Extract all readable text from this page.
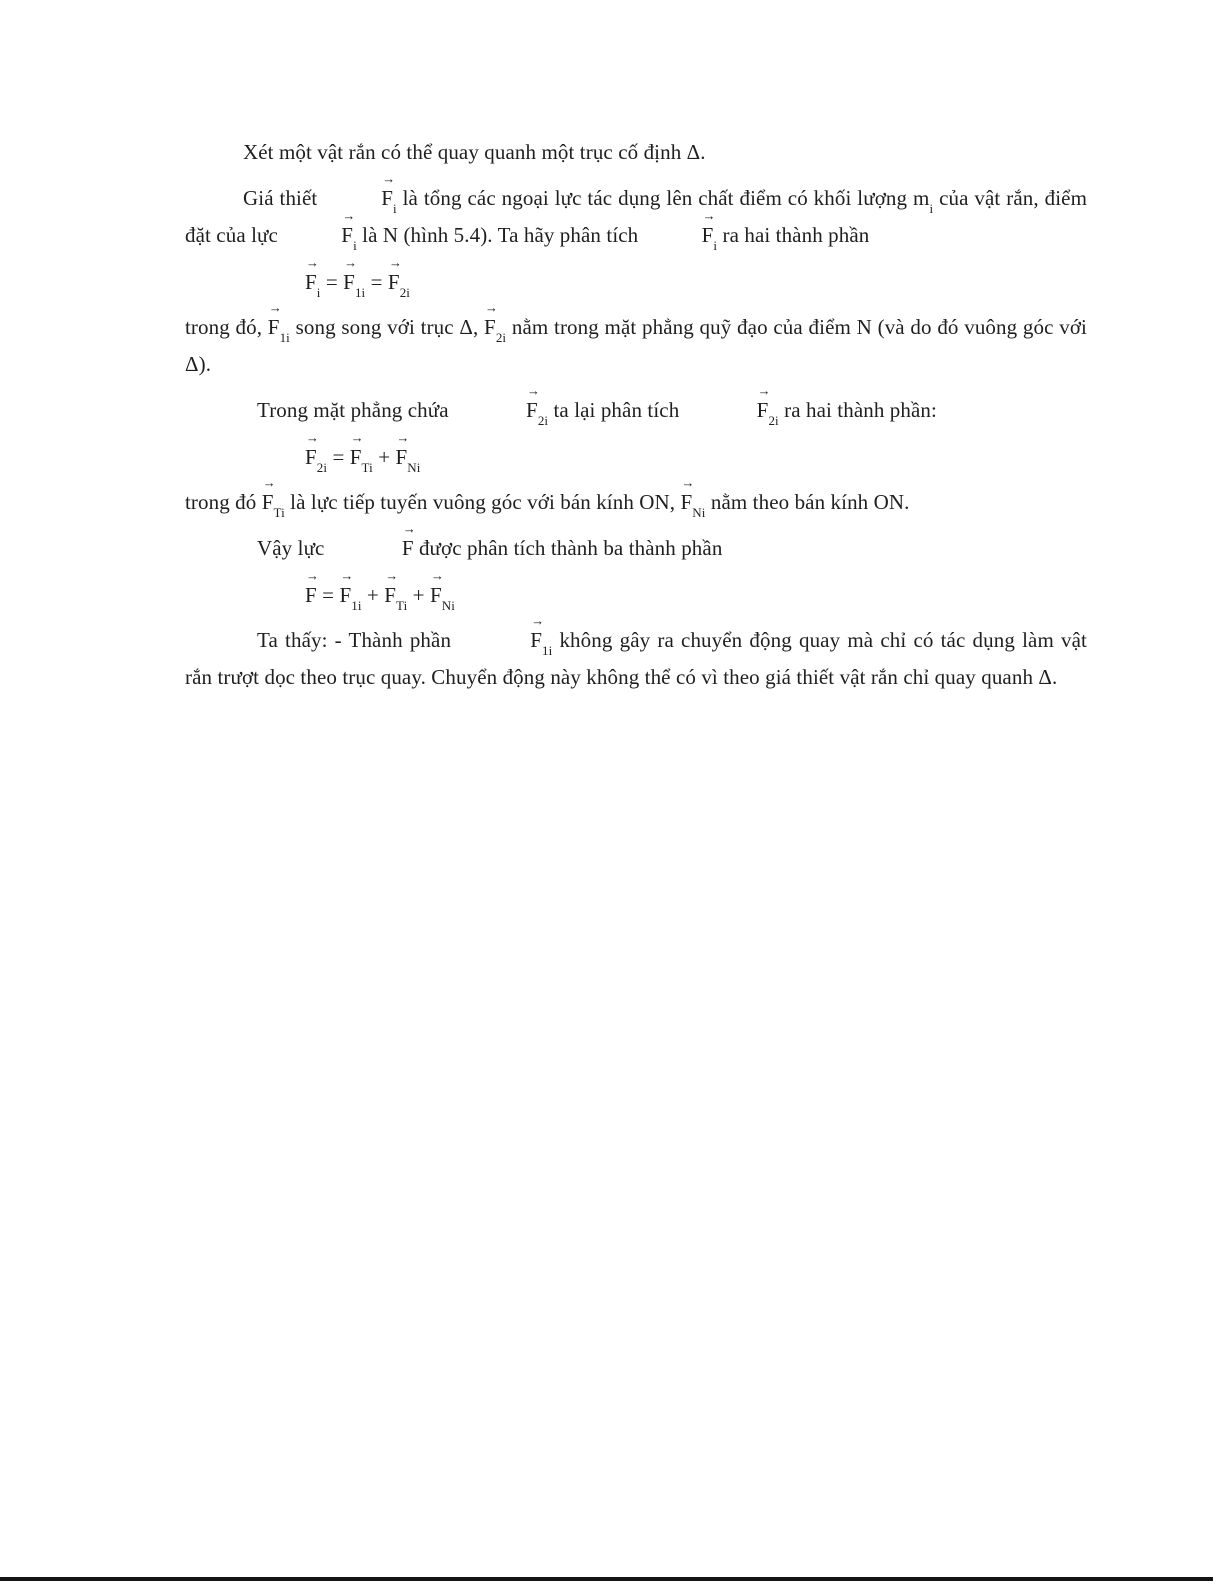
Xét một vật rắn có thể quay quanh một trục cố định Δ.
Giá thiết	→ $F_i$ là tổng các ngoại lực tác dụng lên chất điểm có khối lượng $m_i$ của vật rắn, điểm đặt của lực	→ $F_i$ là N (hình 5.4). Ta hãy phân tích	→ $F_i$ ra hai thành phần
→ $F_i$ = → $F_{1i}$ = → $F_{2i}$
trong đó, → $F_{1i}$ song song với trục Δ, → $F_{2i}$ nằm trong mặt phẳng quỹ đạo của điểm N (và do đó vuông góc với Δ).
Trong mặt phẳng chứa	→ $F_{2i}$ ta lại phân tích	→ $F_{2i}$ ra hai thành phần:
→ $F_{2i}$ = → $F_{Ti}$ + → $F_{Ni}$
trong đó → $F_{Ti}$ là lực tiếp tuyến vuông góc với bán kính ON, → $F_{Ni}$ nằm theo bán kính ON.
Vậy lực	→ F được phân tích thành ba thành phần
→ F = → $F_{1i}$ + → $F_{Ti}$ + → $F_{Ni}$
Ta thấy: - Thành phần	→ $F_{1i}$ không gây ra chuyển động quay mà chỉ có tác dụng làm vật rắn trượt dọc theo trục quay. Chuyển động này không thể có vì theo giá thiết vật rắn chỉ quay quanh Δ.
